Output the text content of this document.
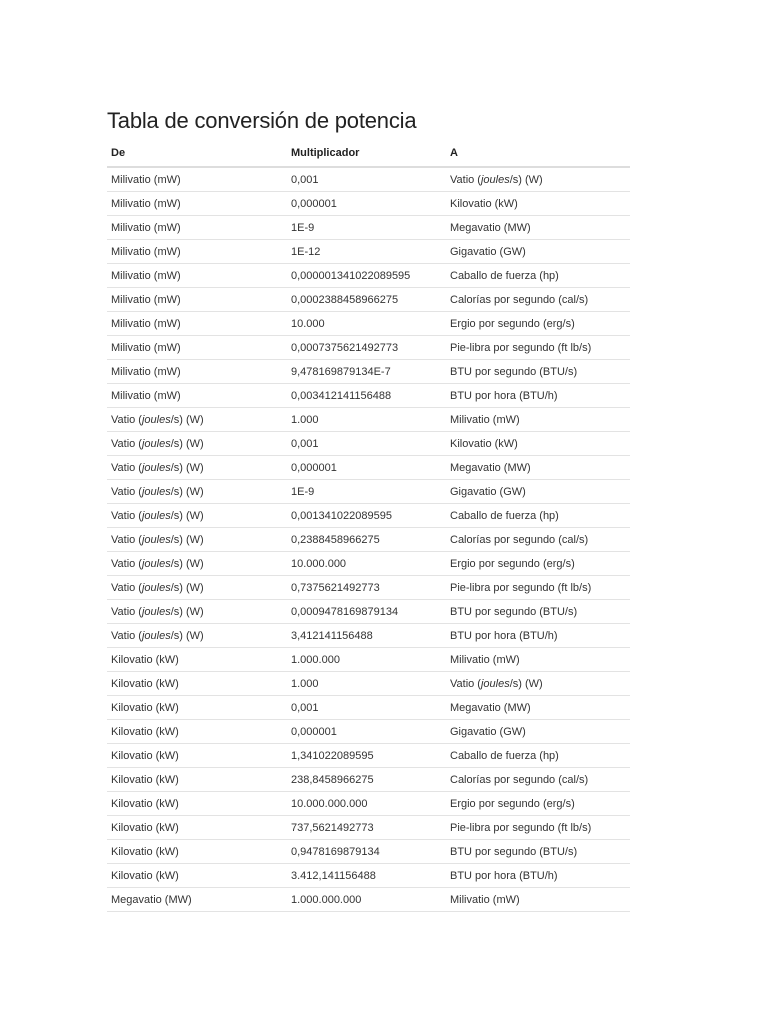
Tabla de conversión de potencia
De	Multiplicador	A
Milivatio (mW)	0,001	Vatio (joules/s) (W)
Milivatio (mW)	0,000001	Kilovatio (kW)
Milivatio (mW)	1E-9	Megavatio (MW)
Milivatio (mW)	1E-12	Gigavatio (GW)
Milivatio (mW)	0,000001341022089595	Caballo de fuerza (hp)
Milivatio (mW)	0,0002388458966275	Calorías por segundo (cal/s)
Milivatio (mW)	10.000	Ergio por segundo (erg/s)
Milivatio (mW)	0,0007375621492773	Pie-libra por segundo (ft lb/s)
Milivatio (mW)	9,478169879134E-7	BTU por segundo (BTU/s)
Milivatio (mW)	0,003412141156488	BTU por hora (BTU/h)
Vatio (joules/s) (W)	1.000	Milivatio (mW)
Vatio (joules/s) (W)	0,001	Kilovatio (kW)
Vatio (joules/s) (W)	0,000001	Megavatio (MW)
Vatio (joules/s) (W)	1E-9	Gigavatio (GW)
Vatio (joules/s) (W)	0,001341022089595	Caballo de fuerza (hp)
Vatio (joules/s) (W)	0,2388458966275	Calorías por segundo (cal/s)
Vatio (joules/s) (W)	10.000.000	Ergio por segundo (erg/s)
Vatio (joules/s) (W)	0,7375621492773	Pie-libra por segundo (ft lb/s)
Vatio (joules/s) (W)	0,0009478169879134	BTU por segundo (BTU/s)
Vatio (joules/s) (W)	3,412141156488	BTU por hora (BTU/h)
Kilovatio (kW)	1.000.000	Milivatio (mW)
Kilovatio (kW)	1.000	Vatio (joules/s) (W)
Kilovatio (kW)	0,001	Megavatio (MW)
Kilovatio (kW)	0,000001	Gigavatio (GW)
Kilovatio (kW)	1,341022089595	Caballo de fuerza (hp)
Kilovatio (kW)	238,8458966275	Calorías por segundo (cal/s)
Kilovatio (kW)	10.000.000.000	Ergio por segundo (erg/s)
Kilovatio (kW)	737,5621492773	Pie-libra por segundo (ft lb/s)
Kilovatio (kW)	0,9478169879134	BTU por segundo (BTU/s)
Kilovatio (kW)	3.412,141156488	BTU por hora (BTU/h)
Megavatio (MW)	1.000.000.000	Milivatio (mW)
